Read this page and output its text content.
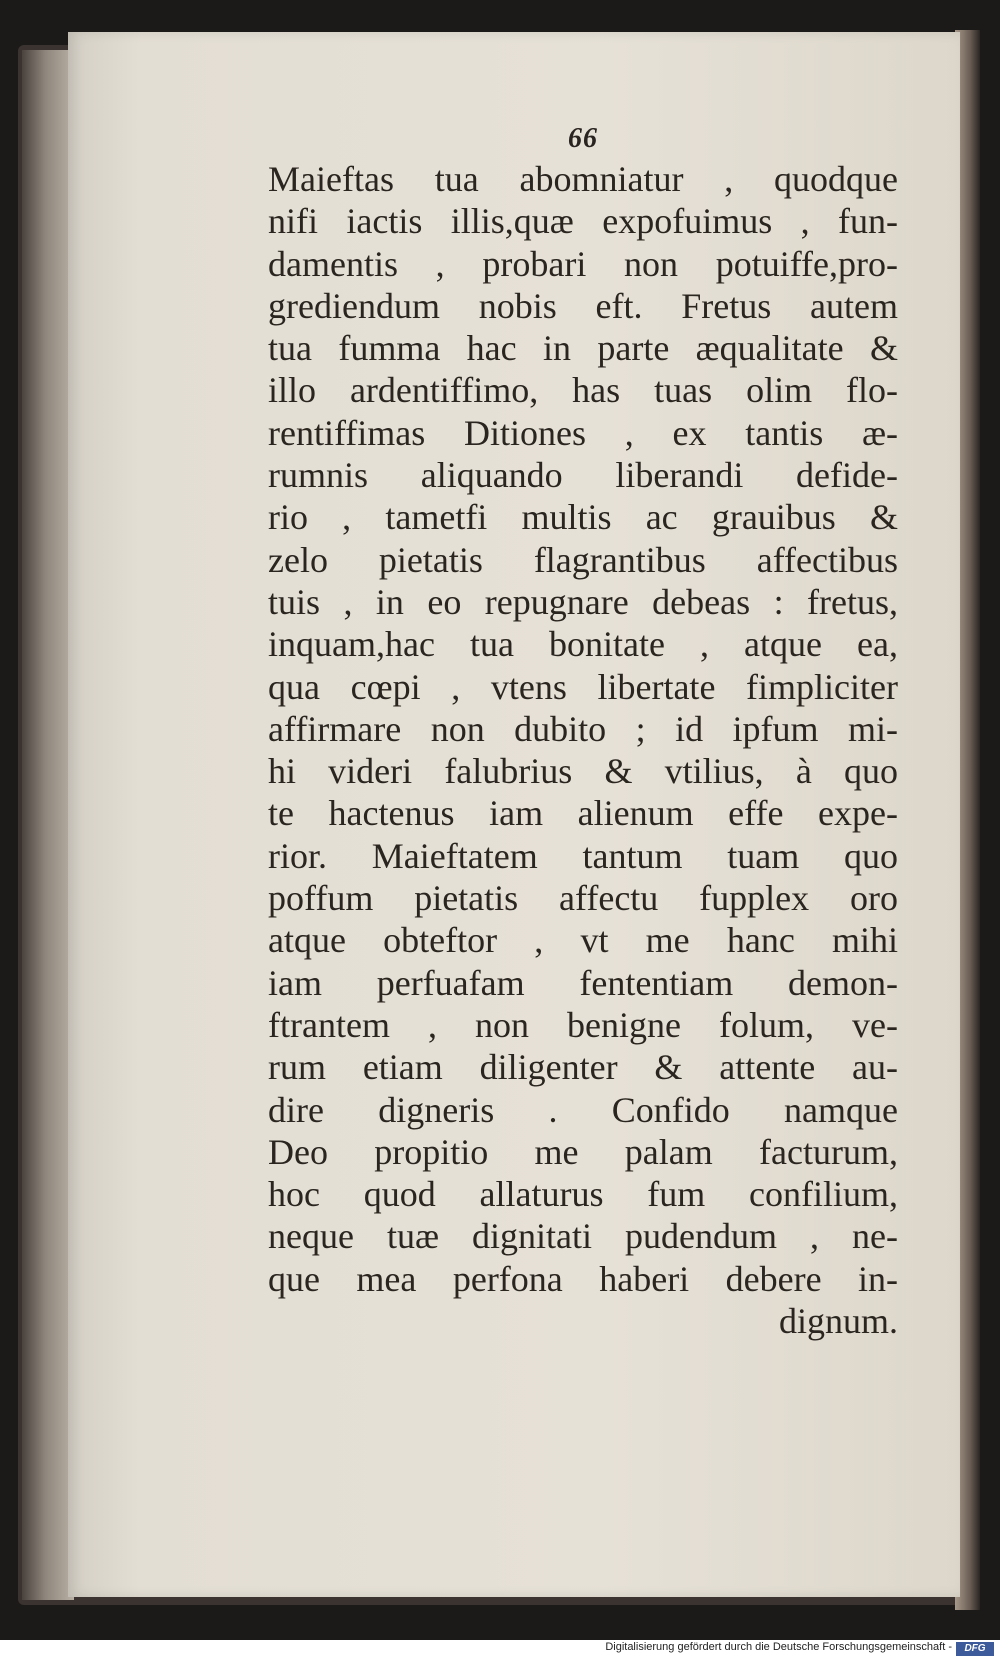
66
Maieftas tua abomniatur , quodque
nifi iactis illis,quæ expofuimus , fun-
damentis , probari non potuiffe,pro-
grediendum nobis eft. Fretus autem
tua fumma hac in parte æqualitate &
illo ardentiffimo, has tuas olim flo-
rentiffimas Ditiones , ex tantis æ-
rumnis aliquando liberandi defide-
rio , tametfi multis ac grauibus &
zelo pietatis flagrantibus affectibus
tuis , in eo repugnare debeas : fretus,
inquam,hac tua bonitate , atque ea,
qua cœpi , vtens libertate fimpliciter
affirmare non dubito ; id ipfum mi-
hi videri falubrius & vtilius, à quo
te hactenus iam alienum effe expe-
rior. Maieftatem tantum tuam quo
poffum pietatis affectu fupplex oro
atque obteftor , vt me hanc mihi
iam perfuafam fententiam demon-
ftrantem , non benigne folum, ve-
rum etiam diligenter & attente au-
dire digneris . Confido namque
Deo propitio me palam facturum,
hoc quod allaturus fum confilium,
neque tuæ dignitati pudendum , ne-
que mea perfona haberi debere in-
dignum.
Digitalisierung gefördert durch die Deutsche Forschungsgemeinschaft -	DFG
